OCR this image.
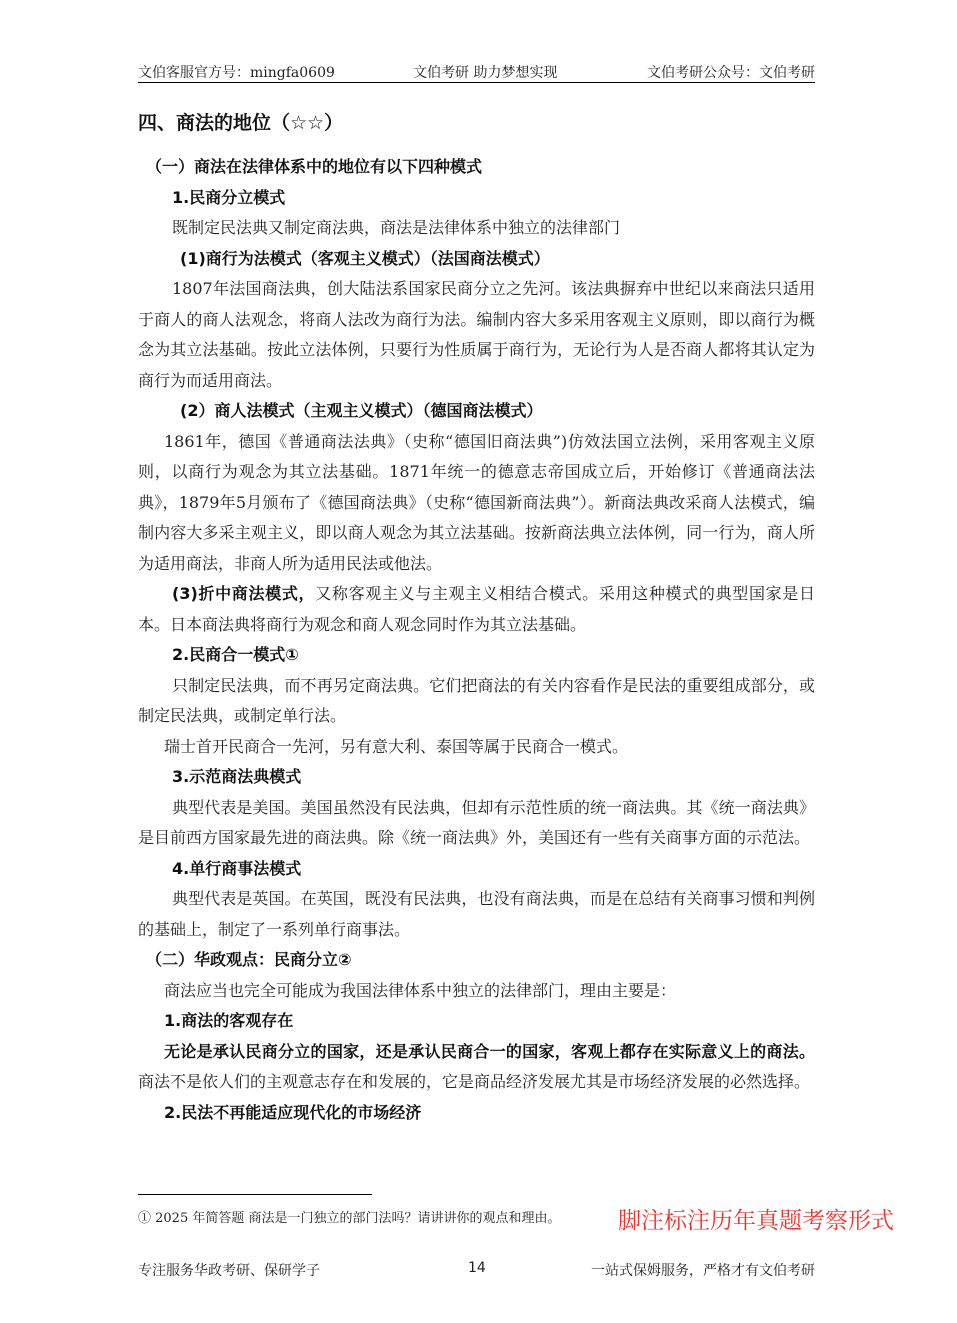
文伯客服官方号：mingfa0609	文伯考研 助力梦想实现	文伯考研公众号：文伯考研
四、商法的地位（☆☆）
（一）商法在法律体系中的地位有以下四种模式
1.民商分立模式
既制定民法典又制定商法典，商法是法律体系中独立的法律部门
(1)商行为法模式（客观主义模式）（法国商法模式）
1807年法国商法典，创大陆法系国家民商分立之先河。该法典摒弃中世纪以来商法只适用于商人的商人法观念，将商人法改为商行为法。编制内容大多采用客观主义原则，即以商行为概念为其立法基础。按此立法体例，只要行为性质属于商行为，无论行为人是否商人都将其认定为商行为而适用商法。
(2）商人法模式（主观主义模式）（德国商法模式）
1861年，德国《普通商法法典》（史称“德国旧商法典”)仿效法国立法例，采用客观主义原则，以商行为观念为其立法基础。1871年统一的德意志帝国成立后，开始修订《普通商法法典》，1879年5月颁布了《德国商法典》（史称“德国新商法典”）。新商法典改采商人法模式，编制内容大多采主观主义，即以商人观念为其立法基础。按新商法典立法体例，同一行为，商人所为适用商法，非商人所为适用民法或他法。
(3)折中商法模式，又称客观主义与主观主义相结合模式。采用这种模式的典型国家是日本。日本商法典将商行为观念和商人观念同时作为其立法基础。
2.民商合一模式①
只制定民法典，而不再另定商法典。它们把商法的有关内容看作是民法的重要组成部分，或制定民法典，或制定单行法。
瑞士首开民商合一先河，另有意大利、泰国等属于民商合一模式。
3.示范商法典模式
典型代表是美国。美国虽然没有民法典，但却有示范性质的统一商法典。其《统一商法典》是目前西方国家最先进的商法典。除《统一商法典》外，美国还有一些有关商事方面的示范法。
4.单行商事法模式
典型代表是英国。在英国，既没有民法典，也没有商法典，而是在总结有关商事习惯和判例的基础上，制定了一系列单行商事法。
（二）华政观点：民商分立②
商法应当也完全可能成为我国法律体系中独立的法律部门，理由主要是：
1.商法的客观存在
无论是承认民商分立的国家，还是承认民商合一的国家，客观上都存在实际意义上的商法。商法不是依人们的主观意志存在和发展的，它是商品经济发展尤其是市场经济发展的必然选择。
2.民法不再能适应现代化的市场经济
① 2025 年简答题 商法是一门独立的部门法吗？请讲讲你的观点和理由。	脚注标注历年真题考察形式
专注服务华政考研、保研学子	14	一站式保姆服务，严格才有文伯考研
